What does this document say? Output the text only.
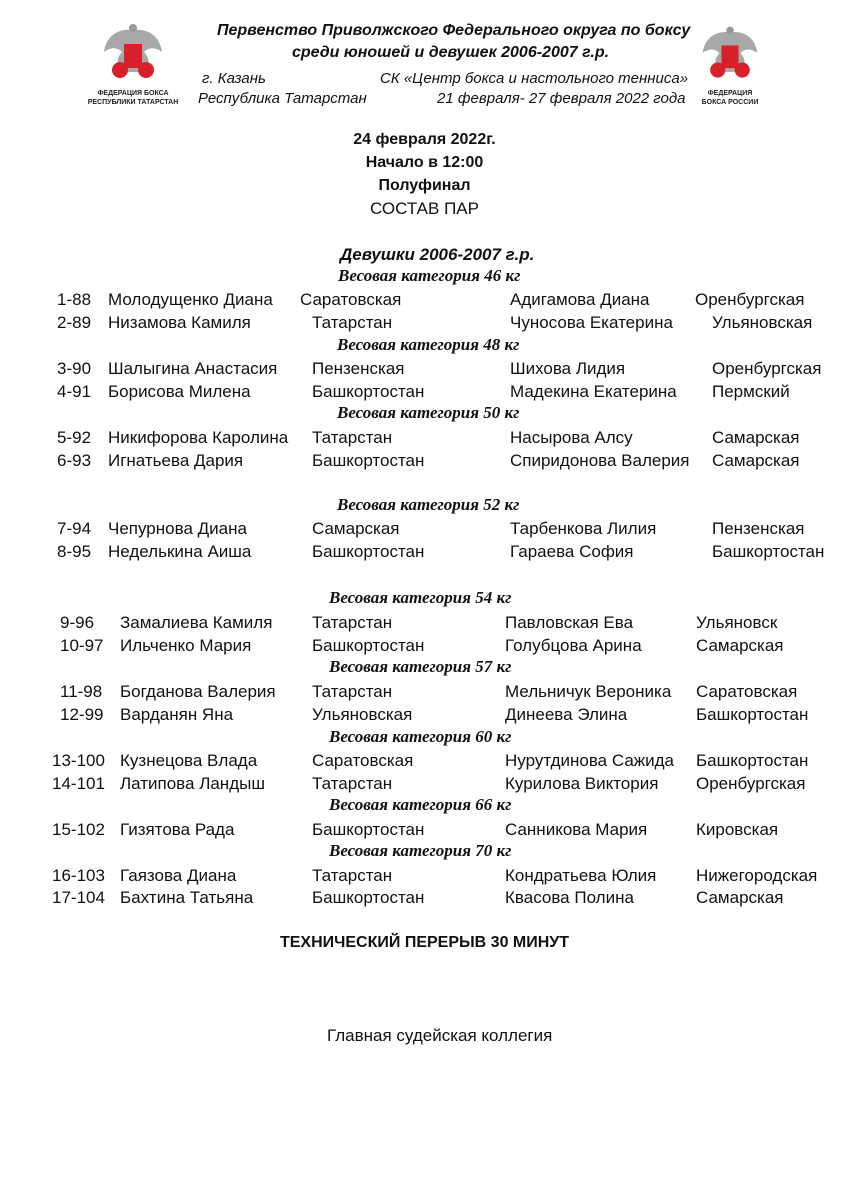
ФЕДЕРАЦИЯ БОКСА РЕСПУБЛИКИ ТАТАРСТАН
ФЕДЕРАЦИЯ БОКСА РОССИИ
Первенство Приволжского Федерального округа по боксу
среди юношей и девушек 2006-2007 г.р.
г. Казань
Республика Татарстан
СК «Центр бокса и настольного тенниса»
21 февраля- 27 февраля 2022 года
24 февраля 2022г.
Начало в 12:00
Полуфинал
СОСТАВ ПАР
Девушки 2006-2007 г.р.
Весовая категория 46 кг
1-88 Молодущенко Диана Саратовская	Адигамова Диана	Оренбургская
2-89 Низамова Камиля	Татарстан	Чуносова Екатерина Ульяновская
Весовая категория 48 кг
3-90 Шалыгина Анастасия Пензенская	Шихова Лидия	Оренбургская
4-91 Борисова Милена	Башкортостан	Мадекина Екатерина Пермский
Весовая категория 50 кг
5-92 Никифорова Каролина Татарстан	Насырова Алсу	Самарская
6-93 Игнатьева Дария	Башкортостан	Спиридонова Валерия Самарская
Весовая категория 52 кг
7-94 Чепурнова Диана	Самарская	Тарбенкова Лилия	Пензенская
8-95 Неделькина Аиша	Башкортостан	Гараева София	Башкортостан
Весовая категория 54 кг
9-96 Замалиева Камиля Татарстан	Павловская Ева	Ульяновск
10-97 Ильченко Мария	Башкортостан	Голубцова Арина	Самарская
Весовая категория 57 кг
11-98 Богданова Валерия Татарстан	Мельничук Вероника Саратовская
12-99 Варданян Яна	Ульяновская	Динеева Элина	Башкортостан
Весовая категория 60 кг
13-100 Кузнецова Влада	Саратовская	Нурутдинова Сажида Башкортостан
14-101 Латипова Ландыш	Татарстан	Курилова Виктория Оренбургская
Весовая категория 66 кг
15-102 Гизятова Рада	Башкортостан	Санникова Мария	Кировская
Весовая категория 70 кг
16-103 Гаязова Диана	Татарстан	Кондратьева Юлия Нижегородская
17-104 Бахтина Татьяна	Башкортостан	Квасова Полина	Самарская
ТЕХНИЧЕСКИЙ ПЕРЕРЫВ 30 МИНУТ
Главная судейская коллегия
